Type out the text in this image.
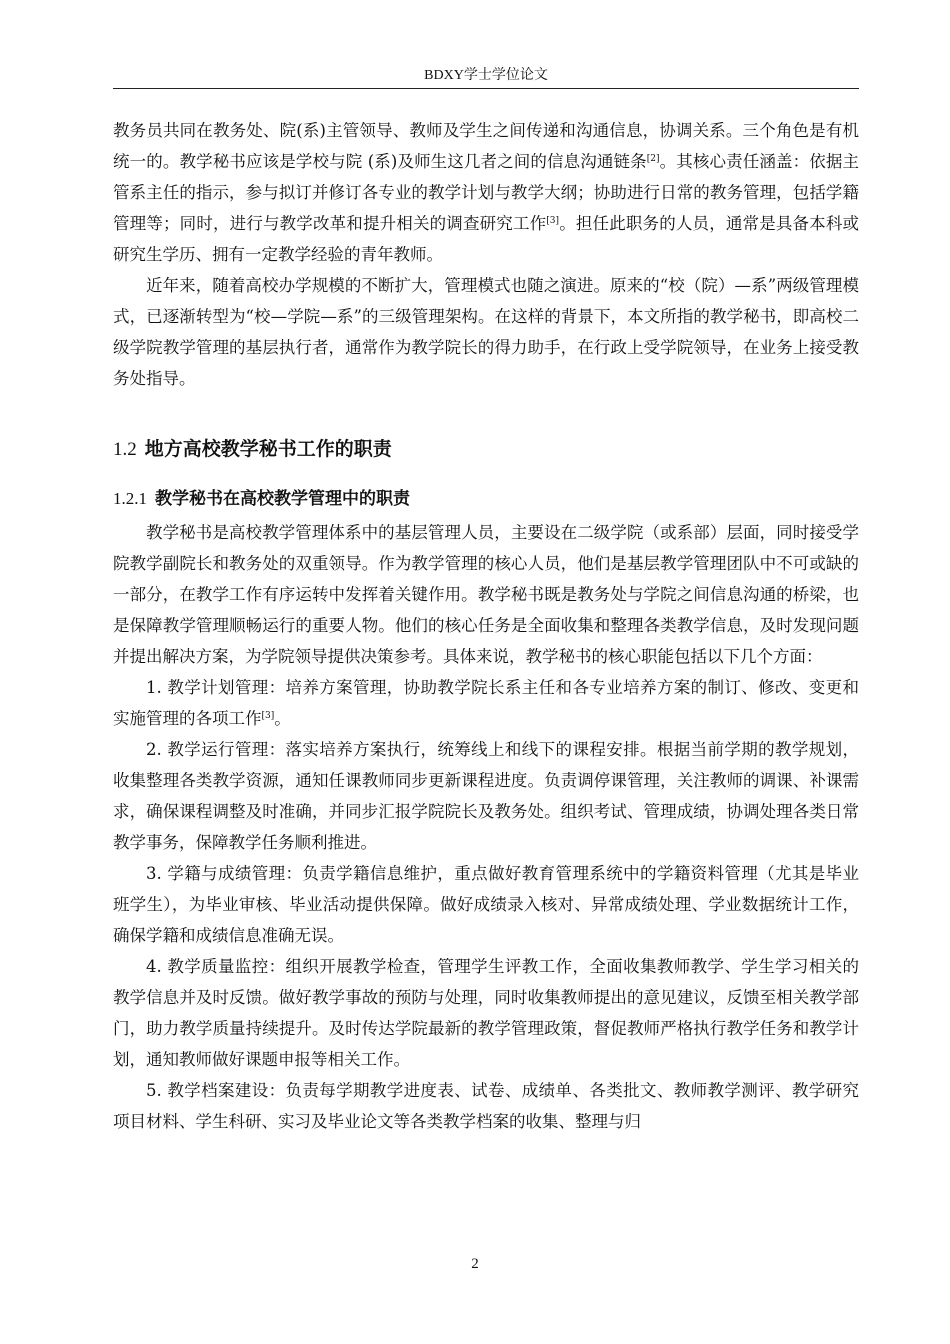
BDXY学士学位论文

教务员共同在教务处、院(系)主管领导、教师及学生之间传递和沟通信息，协调关系。三个角色是有机统一的。教学秘书应该是学校与院 (系)及师生这几者之间的信息沟通链条[2]。其核心责任涵盖：依据主管系主任的指示，参与拟订并修订各专业的教学计划与教学大纲；协助进行日常的教务管理，包括学籍管理等；同时，进行与教学改革和提升相关的调查研究工作[3]。担任此职务的人员，通常是具备本科或研究生学历、拥有一定教学经验的青年教师。

近年来，随着高校办学规模的不断扩大，管理模式也随之演进。原来的“校（院）—系”两级管理模式，已逐渐转型为“校—学院—系”的三级管理架构。在这样的背景下，本文所指的教学秘书，即高校二级学院教学管理的基层执行者，通常作为教学院长的得力助手，在行政上受学院领导，在业务上接受教务处指导。

1.2 地方高校教学秘书工作的职责
1.2.1 教学秘书在高校教学管理中的职责

教学秘书是高校教学管理体系中的基层管理人员，主要设在二级学院（或系部）层面，同时接受学院教学副院长和教务处的双重领导。作为教学管理的核心人员，他们是基层教学管理团队中不可或缺的一部分，在教学工作有序运转中发挥着关键作用。教学秘书既是教务处与学院之间信息沟通的桥梁，也是保障教学管理顺畅运行的重要人物。他们的核心任务是全面收集和整理各类教学信息，及时发现问题并提出解决方案，为学院领导提供决策参考。具体来说，教学秘书的核心职能包括以下几个方面：

1. 教学计划管理：培养方案管理，协助教学院长系主任和各专业培养方案的制订、修改、变更和实施管理的各项工作[3]。

2. 教学运行管理：落实培养方案执行，统筹线上和线下的课程安排。根据当前学期的教学规划，收集整理各类教学资源，通知任课教师同步更新课程进度。负责调停课管理，关注教师的调课、补课需求，确保课程调整及时准确，并同步汇报学院院长及教务处。组织考试、管理成绩，协调处理各类日常教学事务，保障教学任务顺利推进。

3. 学籍与成绩管理：负责学籍信息维护，重点做好教育管理系统中的学籍资料管理（尤其是毕业班学生），为毕业审核、毕业活动提供保障。做好成绩录入核对、异常成绩处理、学业数据统计工作，确保学籍和成绩信息准确无误。

4. 教学质量监控：组织开展教学检查，管理学生评教工作，全面收集教师教学、学生学习相关的教学信息并及时反馈。做好教学事故的预防与处理，同时收集教师提出的意见建议，反馈至相关教学部门，助力教学质量持续提升。及时传达学院最新的教学管理政策，督促教师严格执行教学任务和教学计划，通知教师做好课题申报等相关工作。

5. 教学档案建设：负责每学期教学进度表、试卷、成绩单、各类批文、教师教学测评、教学研究项目材料、学生科研、实习及毕业论文等各类教学档案的收集、整理与归

2
